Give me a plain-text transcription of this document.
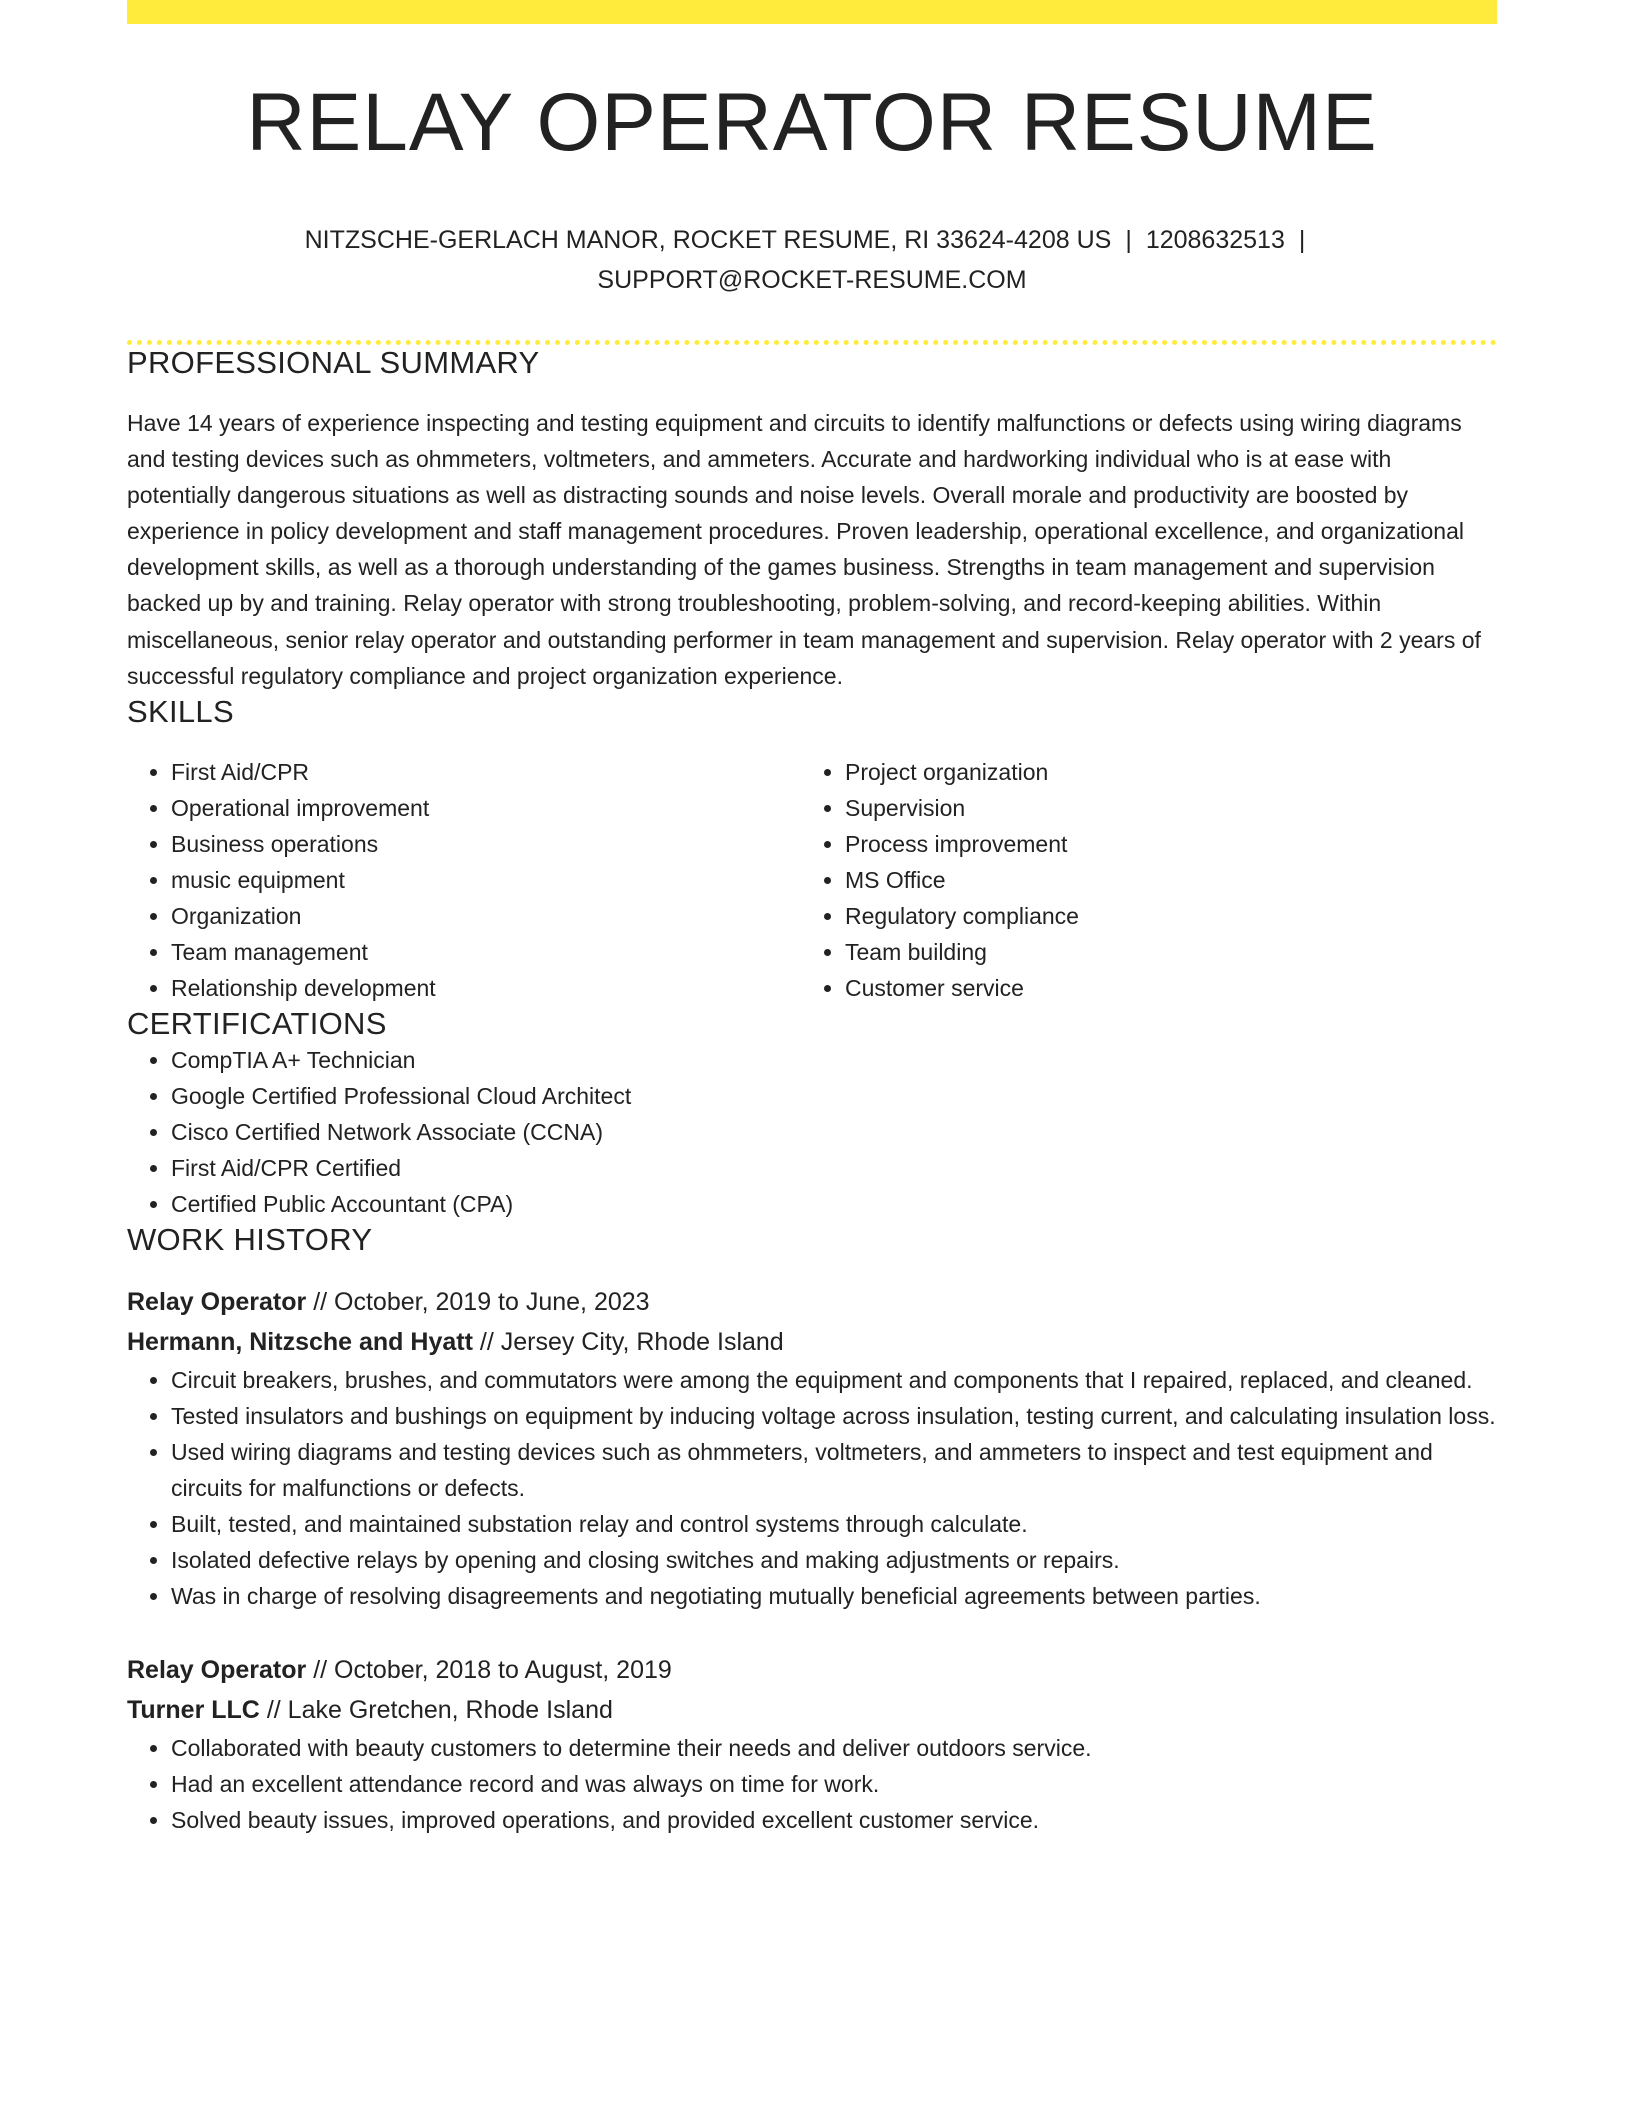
RELAY OPERATOR RESUME
NITZSCHE-GERLACH MANOR, ROCKET RESUME, RI 33624-4208 US | 1208632513 |
SUPPORT@ROCKET-RESUME.COM
PROFESSIONAL SUMMARY

Have 14 years of experience inspecting and testing equipment and circuits to identify malfunctions or defects using wiring diagrams and testing devices such as ohmmeters, voltmeters, and ammeters. Accurate and hardworking individual who is at ease with potentially dangerous situations as well as distracting sounds and noise levels. Overall morale and productivity are boosted by experience in policy development and staff management procedures. Proven leadership, operational excellence, and organizational development skills, as well as a thorough understanding of the games business. Strengths in team management and supervision backed up by and training. Relay operator with strong troubleshooting, problem-solving, and record-keeping abilities. Within miscellaneous, senior relay operator and outstanding performer in team management and supervision. Relay operator with 2 years of successful regulatory compliance and project organization experience.

SKILLS
• First Aid/CPR
• Operational improvement
• Business operations
• music equipment
• Organization
• Team management
• Relationship development
• Project organization
• Supervision
• Process improvement
• MS Office
• Regulatory compliance
• Team building
• Customer service
CERTIFICATIONS
• CompTIA A+ Technician
• Google Certified Professional Cloud Architect
• Cisco Certified Network Associate (CCNA)
• First Aid/CPR Certified
• Certified Public Accountant (CPA)
WORK HISTORY
Relay Operator // October, 2019 to June, 2023
Hermann, Nitzsche and Hyatt // Jersey City, Rhode Island
• Circuit breakers, brushes, and commutators were among the equipment and components that I repaired, replaced, and cleaned.
• Tested insulators and bushings on equipment by inducing voltage across insulation, testing current, and calculating insulation loss.
• Used wiring diagrams and testing devices such as ohmmeters, voltmeters, and ammeters to inspect and test equipment and circuits for malfunctions or defects.
• Built, tested, and maintained substation relay and control systems through calculate.
• Isolated defective relays by opening and closing switches and making adjustments or repairs.
• Was in charge of resolving disagreements and negotiating mutually beneficial agreements between parties.
Relay Operator // October, 2018 to August, 2019
Turner LLC // Lake Gretchen, Rhode Island
• Collaborated with beauty customers to determine their needs and deliver outdoors service.
• Had an excellent attendance record and was always on time for work.
• Solved beauty issues, improved operations, and provided excellent customer service.
